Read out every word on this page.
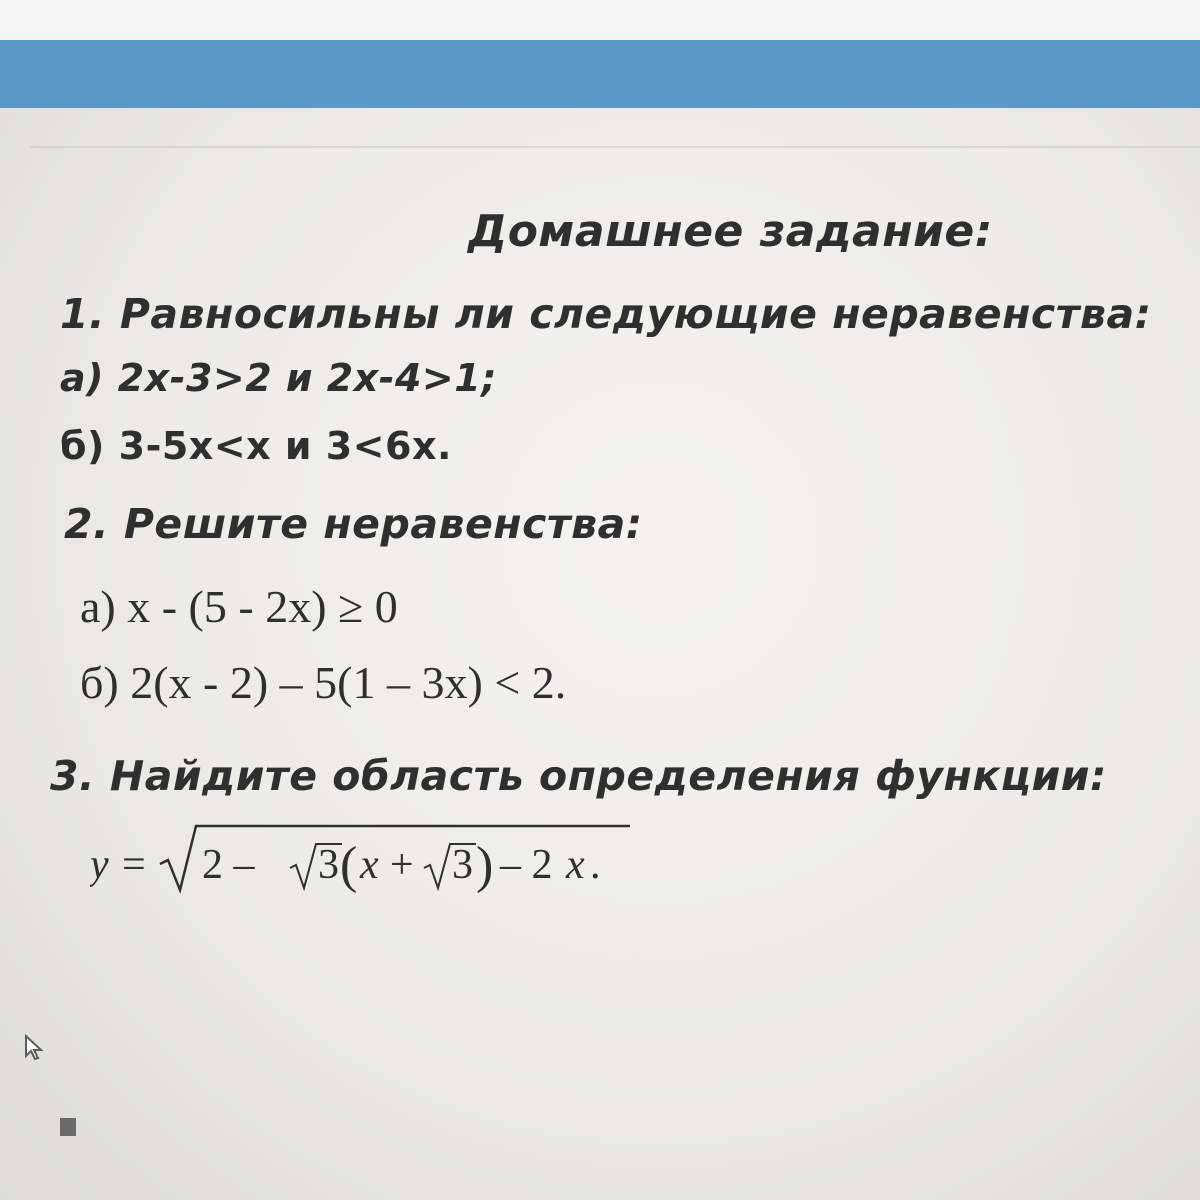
Домашнее задание:
1. Равносильны ли следующие неравенства:
а) 2х-3>2 и 2х-4>1;
б) 3-5х<х и 3<6х.
2. Решите неравенства:
а) х - (5 - 2х) ≥ 0
б) 2(х - 2) – 5(1 – 3x) < 2.
3. Найдите область определения функции:
y = 2 – 3 ( x + 3 ) – 2 x .
